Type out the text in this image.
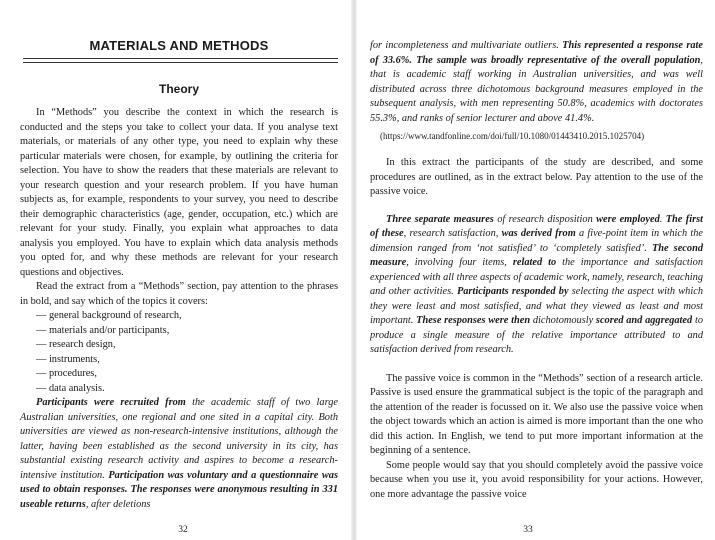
MATERIALS AND METHODS
Theory

In “Methods” you describe the context in which the research is conducted and the steps you take to collect your data. If you analyse text materials, or materials of any other type, you need to explain why these particular materials were chosen, for example, by outlining the criteria for selection. You have to show the readers that these materials are relevant to your research question and your research problem. If you have human subjects as, for example, respondents to your survey, you need to describe their demographic characteristics (age, gender, occupation, etc.) which are relevant for your study. Finally, you explain what approaches to data analysis you employed. You have to explain which data analysis methods you opted for, and why these methods are relevant for your research questions and objectives.

Read the extract from a “Methods” section, pay attention to the phrases in bold, and say which of the topics it covers:

— general background of research,
— materials and/or participants,
— research design,
— instruments,
— procedures,
— data analysis.

Participants were recruited from the academic staff of two large Australian universities, one regional and one sited in a capital city. Both universities are viewed as non-research-intensive institutions, although the latter, having been established as the second university in its city, has substantial existing research activity and aspires to become a research-intensive institution. Participation was voluntary and a questionnaire was used to obtain responses. The responses were anonymous resulting in 331 useable returns, after deletions

32

for incompleteness and multivariate outliers. This represented a response rate of 33.6%. The sample was broadly representative of the overall population, that is academic staff working in Australian universities, and was well distributed across three dichotomous background measures employed in the subsequent analysis, with men representing 50.8%, academics with doctorates 55.3%, and ranks of senior lecturer and above 41.4%.

(https://www.tandfonline.com/doi/full/10.1080/01443410.2015.1025704)

In this extract the participants of the study are described, and some procedures are outlined, as in the extract below. Pay attention to the use of the passive voice.

Three separate measures of research disposition were employed. The first of these, research satisfaction, was derived from a five-point item in which the dimension ranged from ‘not satisfied’ to ‘completely satisfied’. The second measure, involving four items, related to the importance and satisfaction experienced with all three aspects of academic work, namely, research, teaching and other activities. Participants responded by selecting the aspect with which they were least and most satisfied, and what they viewed as least and most important. These responses were then dichotomously scored and aggregated to produce a single measure of the relative importance attributed to and satisfaction derived from research.

The passive voice is common in the “Methods” section of a research article. Passive is used ensure the grammatical subject is the topic of the paragraph and the attention of the reader is focussed on it. We also use the passive voice when the object towards which an action is aimed is more important than the one who did this action. In English, we tend to put more important information at the beginning of a sentence.

Some people would say that you should completely avoid the passive voice because when you use it, you avoid responsibility for your actions. However, one more advantage the passive voice

33
